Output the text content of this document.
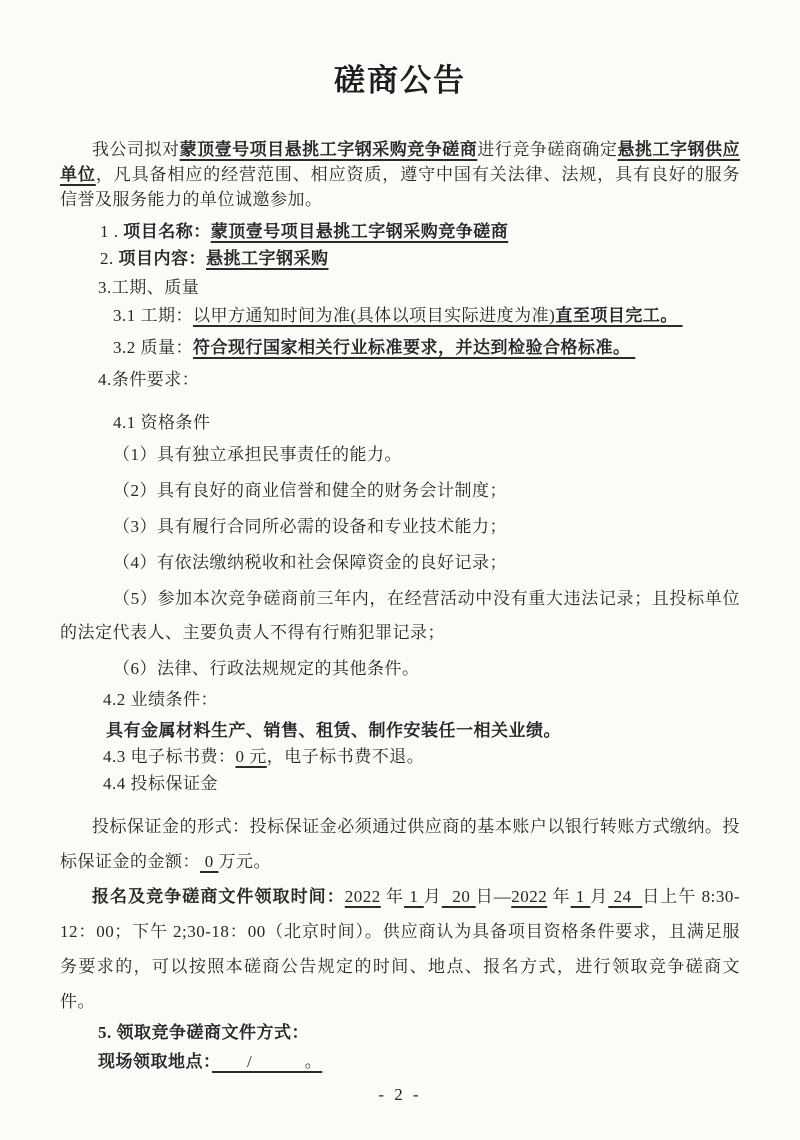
磋商公告

我公司拟对蒙顶壹号项目悬挑工字钢采购竞争磋商进行竞争磋商确定悬挑工字钢供应单位，凡具备相应的经营范围、相应资质，遵守中国有关法律、法规，具有良好的服务信誉及服务能力的单位诚邀参加。

1 . 项目名称：蒙顶壹号项目悬挑工字钢采购竞争磋商

2. 项目内容：悬挑工字钢采购

3.工期、质量

3.1 工期：以甲方通知时间为准(具体以项目实际进度为准)直至项目完工。

3.2 质量：符合现行国家相关行业标准要求，并达到检验合格标准。

4.条件要求：

4.1 资格条件

（1）具有独立承担民事责任的能力。

（2）具有良好的商业信誉和健全的财务会计制度；

（3）具有履行合同所必需的设备和专业技术能力；

（4）有依法缴纳税收和社会保障资金的良好记录；

（5）参加本次竞争磋商前三年内，在经营活动中没有重大违法记录；且投标单位的法定代表人、主要负责人不得有行贿犯罪记录；

（6）法律、行政法规规定的其他条件。

4.2 业绩条件：

具有金属材料生产、销售、租赁、制作安装任一相关业绩。

4.3 电子标书费：0 元，电子标书费不退。

4.4 投标保证金

投标保证金的形式：投标保证金必须通过供应商的基本账户以银行转账方式缴纳。投标保证金的金额： 0 万元。

报名及竞争磋商文件领取时间：2022 年 1 月  20 日—2022 年 1 月 24  日上午 8:30-12：00；下午 2;30-18：00（北京时间）。供应商认为具备项目资格条件要求，且满足服务要求的，可以按照本磋商公告规定的时间、地点、报名方式，进行领取竞争磋商文件。

5. 领取竞争磋商文件方式：

现场领取地点：　　/　　　。

- 2 -
